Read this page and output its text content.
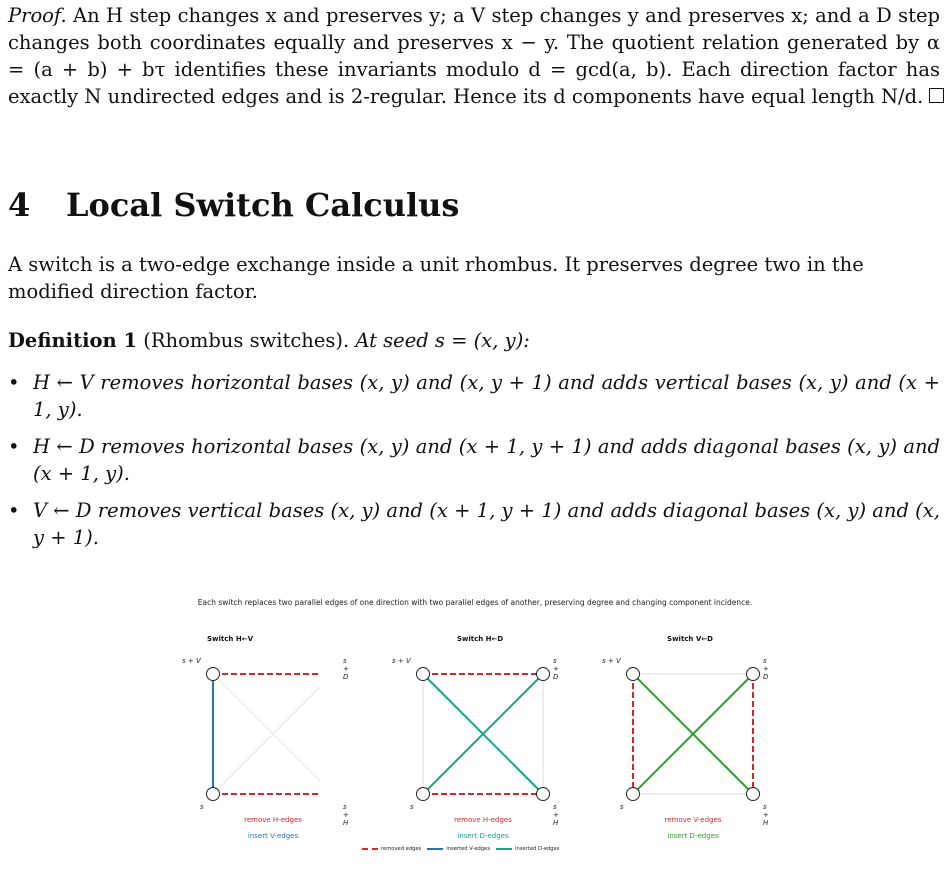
Proof. An H step changes x and preserves y; a V step changes y and preserves x; and a D step changes both coordinates equally and preserves x − y. The quotient relation generated by α = (a + b) + bτ identifies these invariants modulo d = gcd(a, b). Each direction factor has exactly N undirected edges and is 2-regular. Hence its d components have equal length N/d.

4 Local Switch Calculus

A switch is a two-edge exchange inside a unit rhombus. It preserves degree two in the modified direction factor.

Definition 1 (Rhombus switches). At seed s = (x, y):

• H ← V removes horizontal bases (x, y) and (x, y + 1) and adds vertical bases (x, y) and (x + 1, y).
• H ← D removes horizontal bases (x, y) and (x + 1, y + 1) and adds diagonal bases (x, y) and (x + 1, y).
• V ← D removes vertical bases (x, y) and (x + 1, y + 1) and adds diagonal bases (x, y) and (x, y + 1).
Each switch replaces two parallel edges of one direction with two parallel edges of another, preserving degree and changing component incidence.
Switch H←V
s + V	s + D
s	s + H
remove H-edges
insert V-edges
Switch H←D
s + V	s + D
s	s + H
remove H-edges
insert D-edges
Switch V←D
s + V	s + D
s	s + H
remove V-edges
insert D-edges
removed edges	inserted V-edges	inserted D-edges
